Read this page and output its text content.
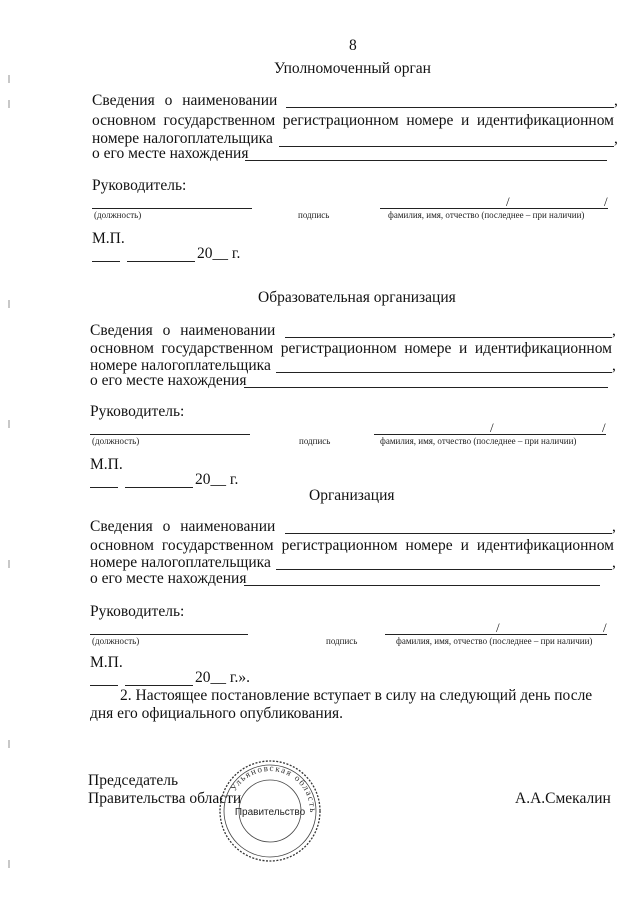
8
Уполномоченный орган
Сведения о наименовании	,
основном государственном регистрационном номере и идентификационном
номере налогоплательщика	,
о его месте нахождения
Руководитель:
(должность)	подпись
/	/
фамилия, имя, отчество (последнее – при наличии)
М.П.
20__ г.
Образовательная организация
Сведения о наименовании	,
основном государственном регистрационном номере и идентификационном
номере налогоплательщика	,
о его месте нахождения
Руководитель:
(должность)	подпись
/	/
фамилия, имя, отчество (последнее – при наличии)
М.П.
20__ г.
Организация
Сведения о наименовании	,
основном государственном регистрационном номере и идентификационном
номере налогоплательщика	,
о его месте нахождения
Руководитель:
(должность)	подпись
/	/
фамилия, имя, отчество (последнее – при наличии)
М.П.
20__ г.».
2. Настоящее постановление вступает в силу на следующий день после
дня его официального опубликования.
Председатель
Правительства области	А.А.Смекалин
Ульяновская область
Правительство
